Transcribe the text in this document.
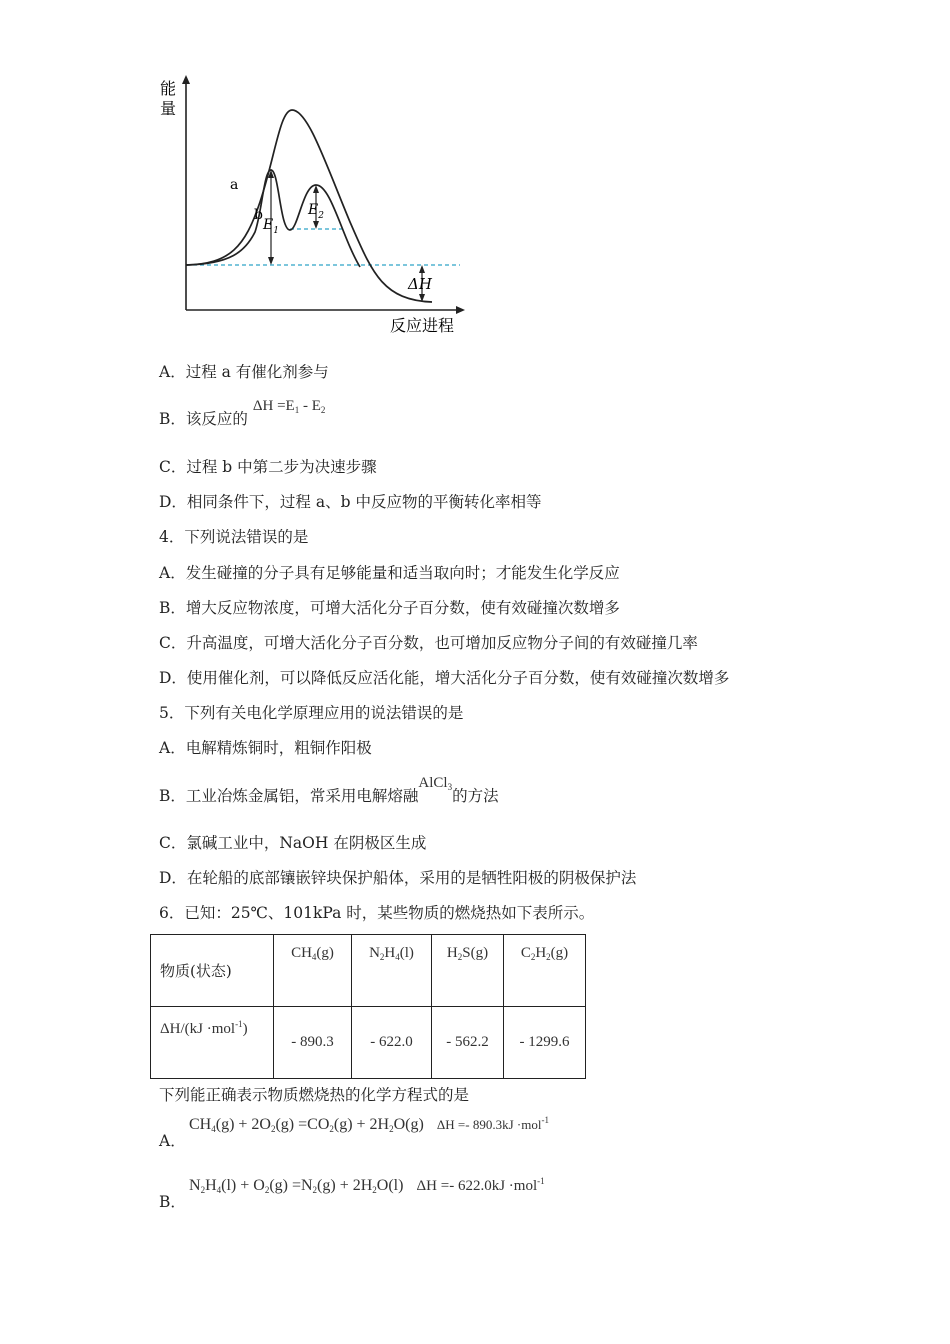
能
量
反应进程
a
b
$E_1$
$E_2$
ΔH
A．过程 a 有催化剂参与
B．该反应的 $\Delta H =E_1 - E_2$
C．过程 b 中第二步为决速步骤
D．相同条件下，过程 a、b 中反应物的平衡转化率相等
4．下列说法错误的是
A．发生碰撞的分子具有足够能量和适当取向时；才能发生化学反应
B．增大反应物浓度，可增大活化分子百分数，使有效碰撞次数增多
C．升高温度，可增大活化分子百分数，也可增加反应物分子间的有效碰撞几率
D．使用催化剂，可以降低反应活化能，增大活化分子百分数，使有效碰撞次数增多
5．下列有关电化学原理应用的说法错误的是
A．电解精炼铜时，粗铜作阳极
B．工业冶炼金属铝，常采用电解熔融AlCl$_3$的方法
C．氯碱工业中，NaOH 在阴极区生成
D．在轮船的底部镶嵌锌块保护船体，采用的是牺牲阳极的阴极保护法
6．已知：25℃、101kPa 时，某些物质的燃烧热如下表所示。
物质(状态)	$CH_4(g)$	$N_2H_4(l)$	$H_2S(g)$	$C_2H_2(g)$
ΔH/(kJ ·mol$^{-1}$)	- 890.3	- 622.0	- 562.2	- 1299.6
下列能正确表示物质燃烧热的化学方程式的是
A．
$CH_4(g) + 2O_2(g) =CO_2(g) + 2H_2O(g) \Delta H =- 890.3kJ \cdot mol^{-1}$
B．
$N_2H_4(l) + O_2(g) =N_2(g) + 2H_2O(l) \Delta H =- 622.0kJ \cdot mol^{-1}$
